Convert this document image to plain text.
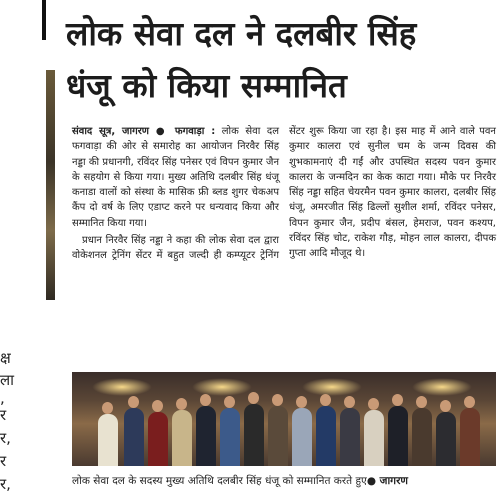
क्ष
ला
,
र
र,
र
र,
लोक सेवा दल ने दलबीर सिंह
धंजू को किया सम्मानित

संवाद सूत्र, जागरण ● फगवाड़ा : लोक सेवा दल फगवाड़ा की ओर से समारोह का आयोजन निरवैर सिंह नड्डा की प्रधानगी, रविंदर सिंह पनेसर एवं विपन कुमार जैन के सहयोग से किया गया। मुख्य अतिथि दलबीर सिंह धंजू कनाडा वालों को संस्था के मासिक फ्री ब्लड शुगर चेकअप कैंप दो वर्ष के लिए एडाप्ट करने पर धन्यवाद किया और सम्मानित किया गया।

प्रधान निरवैर सिंह नड्डा ने कहा की लोक सेवा दल द्वारा वोकेशनल ट्रेनिंग सेंटर में बहुत जल्दी ही कम्प्यूटर ट्रेनिंग सेंटर शुरू किया जा रहा है। इस माह में आने वाले पवन कुमार कालरा एवं सुनील चम के जन्म दिवस की शुभकामनाएं दी गईं और उपस्थित सदस्य पवन कुमार कालरा के जन्मदिन का केक काटा गया। मौके पर निरवैर सिंह नड्डा सहित चेयरमैन पवन कुमार कालरा, दलबीर सिंह धंजू, अमरजीत सिंह ढिल्लों सुशील शर्मा, रविंदर पनेसर, विपन कुमार जैन, प्रदीप बंसल, हेमराज, पवन कश्यप, रविंदर सिंह चोट, राकेश गौड़, मोहन लाल कालरा, दीपक गुप्ता आदि मौजूद थे।

लोक सेवा दल के सदस्य मुख्य अतिथि दलबीर सिंह धंजू को सम्मानित करते हुए● जागरण
